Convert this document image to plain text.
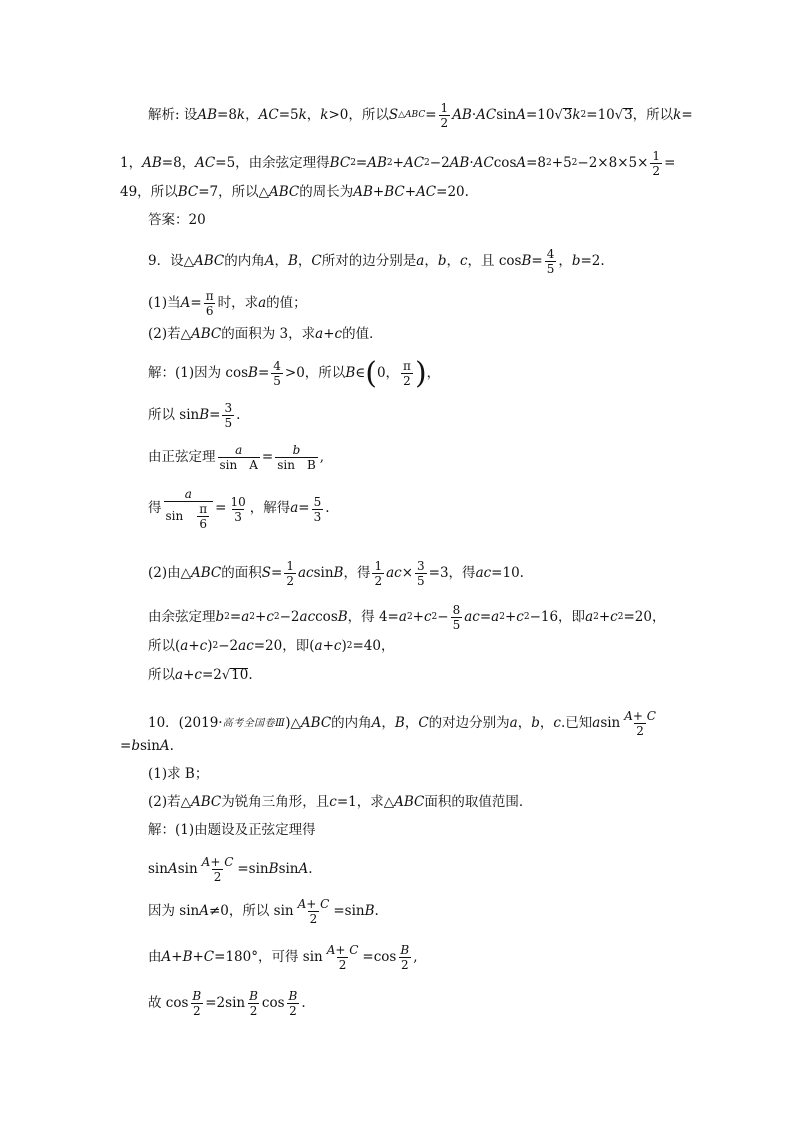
解析: 设 AB =8 k ， AC =5 k ， k >0，所以 S △ABC = $\frac{1}{2}$ AB · AC sin A =10 √ 3 k 2 =10 √ 3 ，所以 k =
1， AB =8， AC =5，由余弦定理得 BC 2 = AB 2 + AC 2 −2 AB · AC cos A =8 2 +5 $2 -2\times 8\times 5\times \frac{1}{2}$ =
49，所以 BC =7，所以△ ABC 的周长为 AB + BC + AC =20.
答案：20
9．设△ ABC 的内角 A ， B ， C 所对的边分别是 a ， b ， c ，且 $\cos B = \frac{4}{5}$ ， b =2.
(1)当 $A = \frac{\pi}{6}$ 时，求 a 的值；
(2)若△ ABC 的面积为 3，求 a + c 的值．
解：(1)因为 $\cos B = \frac{4}{5} >0$，所以 B ∈ ( 0， $\frac{\pi}{2}$ ) ，
所以 $\sin B = \frac{3}{5}$ .
由正弦定理 $\frac{a}{\text{sin　A}} = \frac{b}{\text{sin　B}}$ ,
得 $\frac{a}{\sin \frac{\pi}{6}} = \frac{10}{3}$ ，解得 $a = \frac{5}{3}$ .
(2)由△ ABC 的面积 $S = \frac{1}{2}$ ac sin B ，得 $\frac{1}{2}$ ac × $\frac{3}{5} =3$，得 ac =10.
由余弦定理 b 2 = a 2 + c 2 −2 ac cos B ，得 4= a 2 + c $2 - \frac{8}{5}$ ac = a 2 + c 2 −16，即 a 2 + c 2 =20，
所以( a + c ) 2 −2 ac =20，即( a + c ) 2 =40，
所以 a + c =2 √ 10 .
10．(2019· 高考全国卷Ⅲ )△ ABC 的内角 A ， B ， C 的对边分别为 a ， b ， c .已知 a $\sin \frac{A+ C}{2}$
= b sin A .
(1)求 B；
(2)若△ ABC 为锐角三角形，且 c =1，求△ ABC 面积的取值范围．
解：(1)由题设及正弦定理得
sin A $\sin \frac{A+ C}{2} =\sin$ B sin A .
因为 sin A ≠0，所以 $\sin \frac{A+ C}{2} =\sin$ B .
由 A + B + C =180°，可得 $\sin \frac{A+ C}{2} =\cos \frac{B}{2}$ ,
故 $\cos \frac{B}{2} =2\sin \frac{B}{2}$ $\cos \frac{B}{2}$ .
